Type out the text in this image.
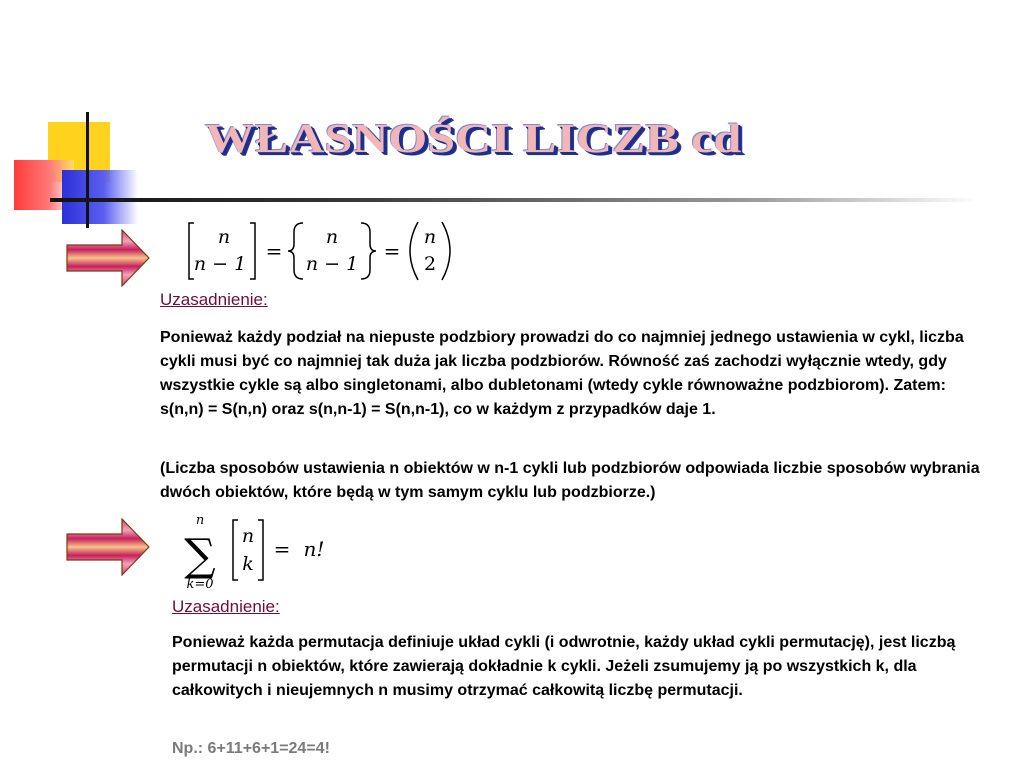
WŁASNOŚCI LICZB cd
n
n − 1
=
n
n − 1
=
n
2
Uzasadnienie:
Ponieważ każdy podział na niepuste podzbiory prowadzi do co najmniej jednego ustawienia w cykl, liczba cykli musi być co najmniej tak duża jak liczba podzbiorów. Równość zaś zachodzi wyłącznie wtedy, gdy wszystkie cykle są albo singletonami, albo dubletonami (wtedy cykle równoważne podzbiorom). Zatem: s(n,n) = S(n,n) oraz s(n,n-1) = S(n,n-1), co w każdym z przypadków daje 1.
(Liczba sposobów ustawienia n obiektów w n-1 cykli lub podzbiorów odpowiada liczbie sposobów wybrania dwóch obiektów, które będą w tym samym cyklu lub podzbiorze.)
n
∑
k=0
n
k
= n!
Uzasadnienie:
Ponieważ każda permutacja definiuje układ cykli (i odwrotnie, każdy układ cykli permutację), jest liczbą permutacji n obiektów, które zawierają dokładnie k cykli. Jeżeli zsumujemy ją po wszystkich k, dla całkowitych i nieujemnych n musimy otrzymać całkowitą liczbę permutacji.
Np.: 6+11+6+1=24=4!
